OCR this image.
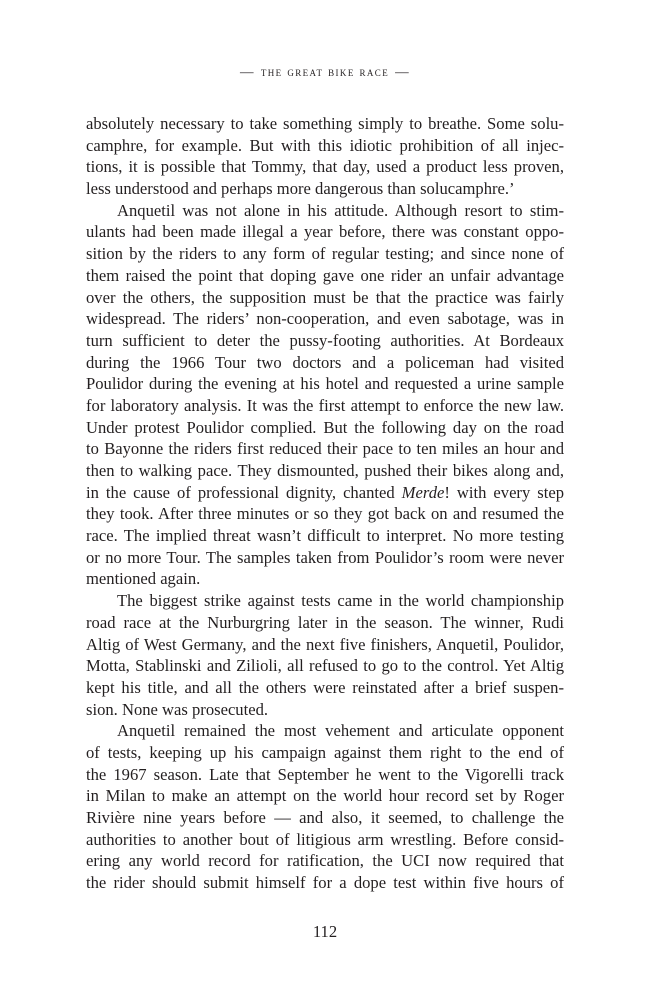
— the great bike race —
absolutely necessary to take something simply to breathe. Some solu-
camphre, for example. But with this idiotic prohibition of all injec-
tions, it is possible that Tommy, that day, used a product less proven,
less understood and perhaps more dangerous than solucamphre.’
Anquetil was not alone in his attitude. Although resort to stim-
ulants had been made illegal a year before, there was constant oppo-
sition by the riders to any form of regular testing; and since none of
them raised the point that doping gave one rider an unfair advantage
over the others, the supposition must be that the practice was fairly
widespread. The riders’ non-cooperation, and even sabotage, was in
turn sufficient to deter the pussy-footing authorities. At Bordeaux
during the 1966 Tour two doctors and a policeman had visited
Poulidor during the evening at his hotel and requested a urine sample
for laboratory analysis. It was the first attempt to enforce the new law.
Under protest Poulidor complied. But the following day on the road
to Bayonne the riders first reduced their pace to ten miles an hour and
then to walking pace. They dismounted, pushed their bikes along and,
in the cause of professional dignity, chanted Merde! with every step
they took. After three minutes or so they got back on and resumed the
race. The implied threat wasn’t difficult to interpret. No more testing
or no more Tour. The samples taken from Poulidor’s room were never
mentioned again.
The biggest strike against tests came in the world championship
road race at the Nurburgring later in the season. The winner, Rudi
Altig of West Germany, and the next five finishers, Anquetil, Poulidor,
Motta, Stablinski and Zilioli, all refused to go to the control. Yet Altig
kept his title, and all the others were reinstated after a brief suspen-
sion. None was prosecuted.
Anquetil remained the most vehement and articulate opponent
of tests, keeping up his campaign against them right to the end of
the 1967 season. Late that September he went to the Vigorelli track
in Milan to make an attempt on the world hour record set by Roger
Rivière nine years before — and also, it seemed, to challenge the
authorities to another bout of litigious arm wrestling. Before consid-
ering any world record for ratification, the UCI now required that
the rider should submit himself for a dope test within five hours of
112
